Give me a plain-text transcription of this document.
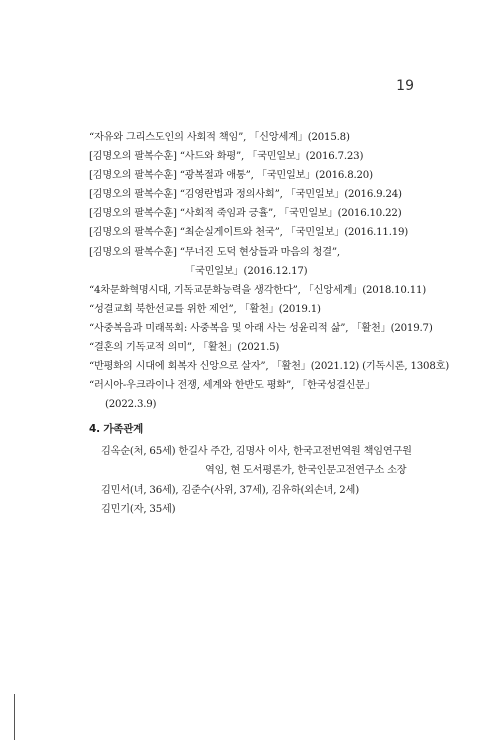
19
“자유와 그리스도인의 사회적 책임”, 「신앙세계」(2015.8)
[김명오의 팔복수훈] “사드와 화평”, 「국민일보」(2016.7.23)
[김명오의 팔복수훈] “광복절과 애통”, 「국민일보」(2016.8.20)
[김명오의 팔복수훈] “김영란법과 정의사회”, 「국민일보」(2016.9.24)
[김명오의 팔복수훈] “사회적 죽임과 긍휼”, 「국민일보」(2016.10.22)
[김명오의 팔복수훈] “최순실게이트와 천국”, 「국민일보」(2016.11.19)
[김명오의 팔복수훈] “무너진 도덕 현상들과 마음의 청결”,
「국민일보」(2016.12.17)
“4차문화혁명시대, 기독교문화능력을 생각한다”, 「신앙세계」(2018.10.11)
“성결교회 북한선교를 위한 제언”, 「활천」(2019.1)
“사중복음과 미래목회: 사중복음 및 아래 사는 성윤리적 삶”, 「활천」(2019.7)
“결혼의 기독교적 의미”, 「활천」(2021.5)
“반평화의 시대에 회복자 신앙으로 살자”, 「활천」(2021.12) (기독시론, 1308호)
“러시아-우크라이나 전쟁, 세계와 한반도 평화”, 「한국성결신문」
(2022.3.9)
4. 가족관계
김옥순(처, 65세) 한길사 주간, 김명사 이사, 한국고전번역원 책임연구원
역임, 현 도서평론가, 한국인문고전연구소 소장
김민서(녀, 36세), 김준수(사위, 37세), 김유하(외손녀, 2세)
김민기(자, 35세)
